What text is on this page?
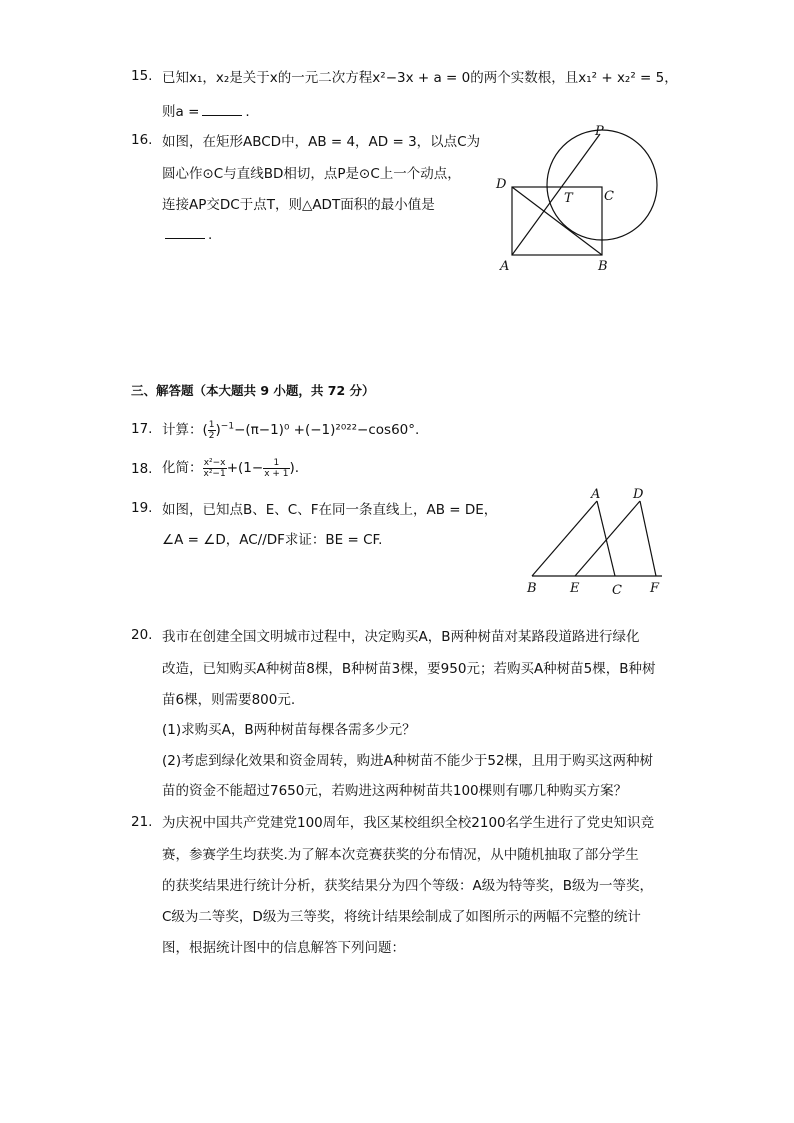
15. 已知x₁，x₂是关于x的一元二次方程x²−3x + a = 0的两个实数根，且x₁² + x₂² = 5，
则a =	.
16. 如图，在矩形ABCD中，AB = 4，AD = 3，以点C为
圆心作⊙C与直线BD相切，点P是⊙C上一个动点，
连接AP交DC于点T，则△ADT面积的最小值是
.
P
D
T C
A	B
三、解答题（本大题共 9 小题，共 72 分）
17. 计算：( $\frac{1}{2} )^{-1}-(\pi-1)^0 +(-1)^{2022}-\cos 60^\circ$.
18. 化简： $\frac{\text{x²−x}}{\text{x²−1}} +(1- \frac{1}{x + 1}$ ).
19. 如图，已知点B、E、C、F在同一条直线上，AB = DE，
∠A = ∠D，AC//DF求证：BE = CF.
A	D
B	E	C F
20. 我市在创建全国文明城市过程中，决定购买A，B两种树苗对某路段道路进行绿化
改造，已知购买A种树苗8棵，B种树苗3棵，要950元；若购买A种树苗5棵，B种树
苗6棵，则需要800元.
(1)求购买A，B两种树苗每棵各需多少元？
(2)考虑到绿化效果和资金周转，购进A种树苗不能少于52棵，且用于购买这两种树
苗的资金不能超过7650元，若购进这两种树苗共100棵则有哪几种购买方案？
21. 为庆祝中国共产党建党100周年，我区某校组织全校2100名学生进行了党史知识竞
赛，参赛学生均获奖.为了解本次竞赛获奖的分布情况，从中随机抽取了部分学生
的获奖结果进行统计分析，获奖结果分为四个等级：A级为特等奖，B级为一等奖，
C级为二等奖，D级为三等奖，将统计结果绘制成了如图所示的两幅不完整的统计
图，根据统计图中的信息解答下列问题：
